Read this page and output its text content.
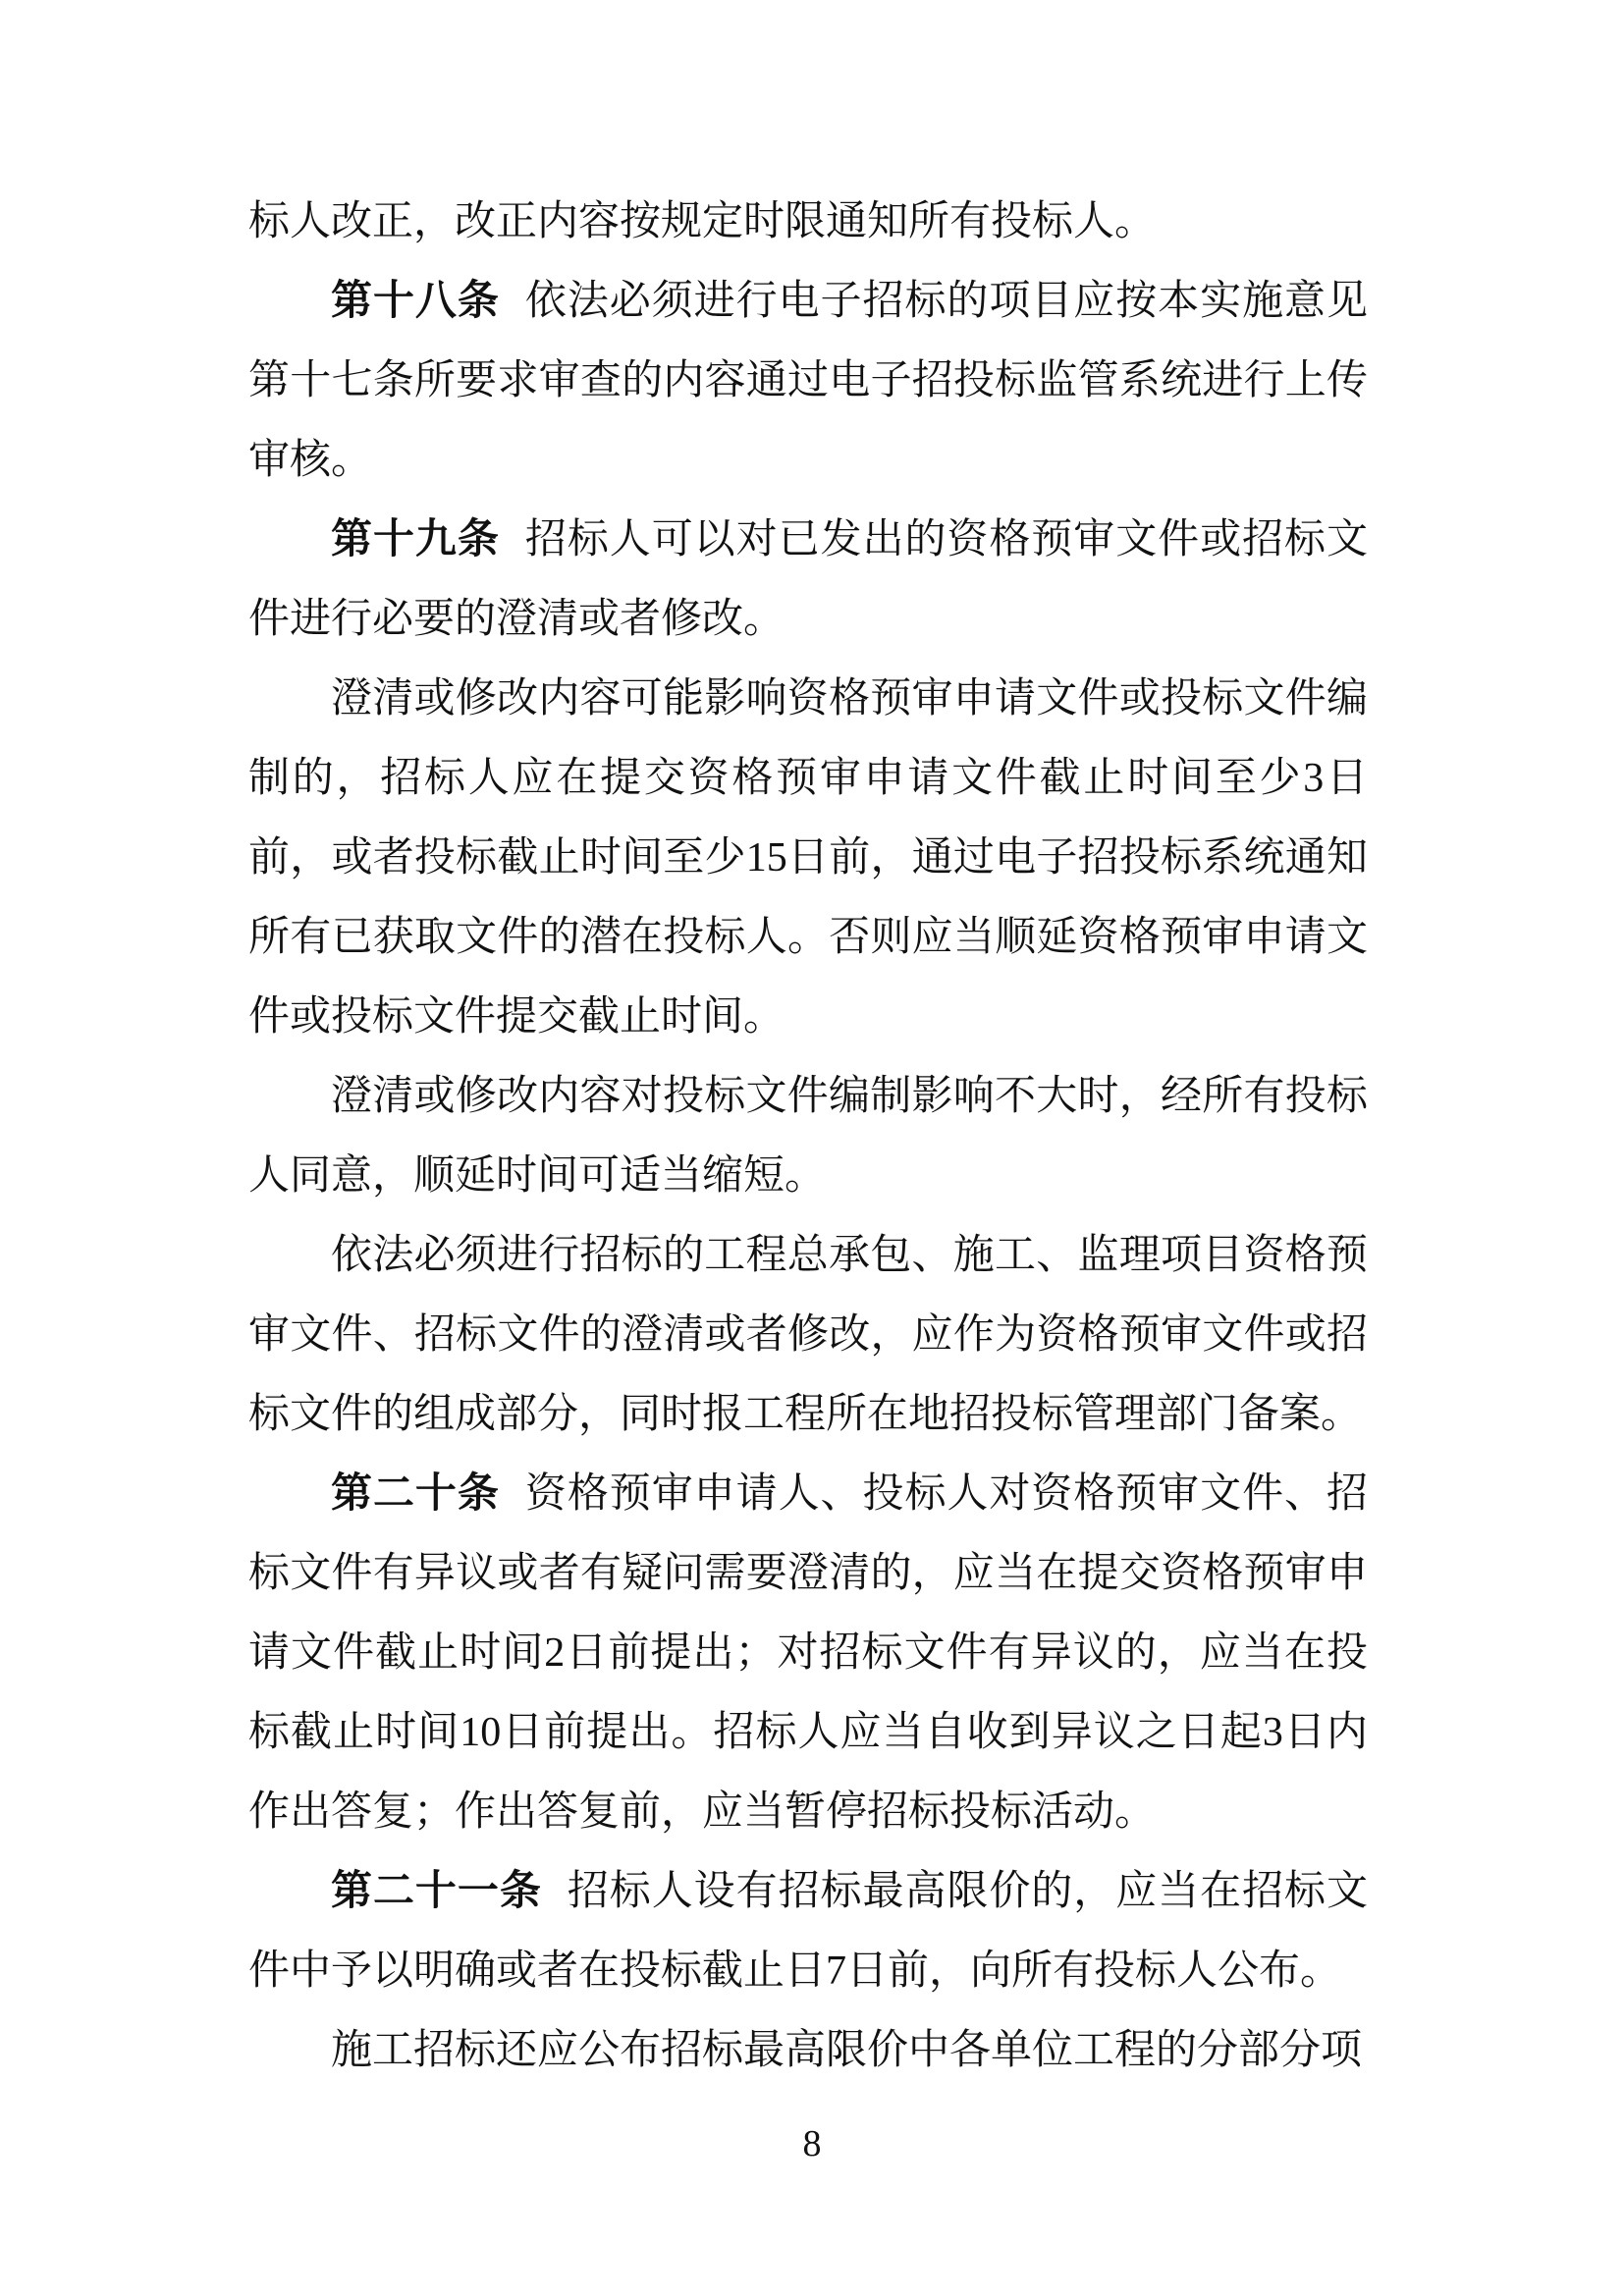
标人改正，改正内容按规定时限通知所有投标人。

第十八条 依法必须进行电子招标的项目应按本实施意见第十七条所要求审查的内容通过电子招投标监管系统进行上传审核。

第十九条 招标人可以对已发出的资格预审文件或招标文件进行必要的澄清或者修改。

澄清或修改内容可能影响资格预审申请文件或投标文件编制的，招标人应在提交资格预审申请文件截止时间至少3日前，或者投标截止时间至少15日前，通过电子招投标系统通知所有已获取文件的潜在投标人。否则应当顺延资格预审申请文件或投标文件提交截止时间。

澄清或修改内容对投标文件编制影响不大时，经所有投标人同意，顺延时间可适当缩短。

依法必须进行招标的工程总承包、施工、监理项目资格预审文件、招标文件的澄清或者修改，应作为资格预审文件或招标文件的组成部分，同时报工程所在地招投标管理部门备案。

第二十条 资格预审申请人、投标人对资格预审文件、招标文件有异议或者有疑问需要澄清的，应当在提交资格预审申请文件截止时间2日前提出；对招标文件有异议的，应当在投标截止时间10日前提出。招标人应当自收到异议之日起3日内作出答复；作出答复前，应当暂停招标投标活动。

第二十一条 招标人设有招标最高限价的，应当在招标文件中予以明确或者在投标截止日7日前，向所有投标人公布。

施工招标还应公布招标最高限价中各单位工程的分部分项

8
